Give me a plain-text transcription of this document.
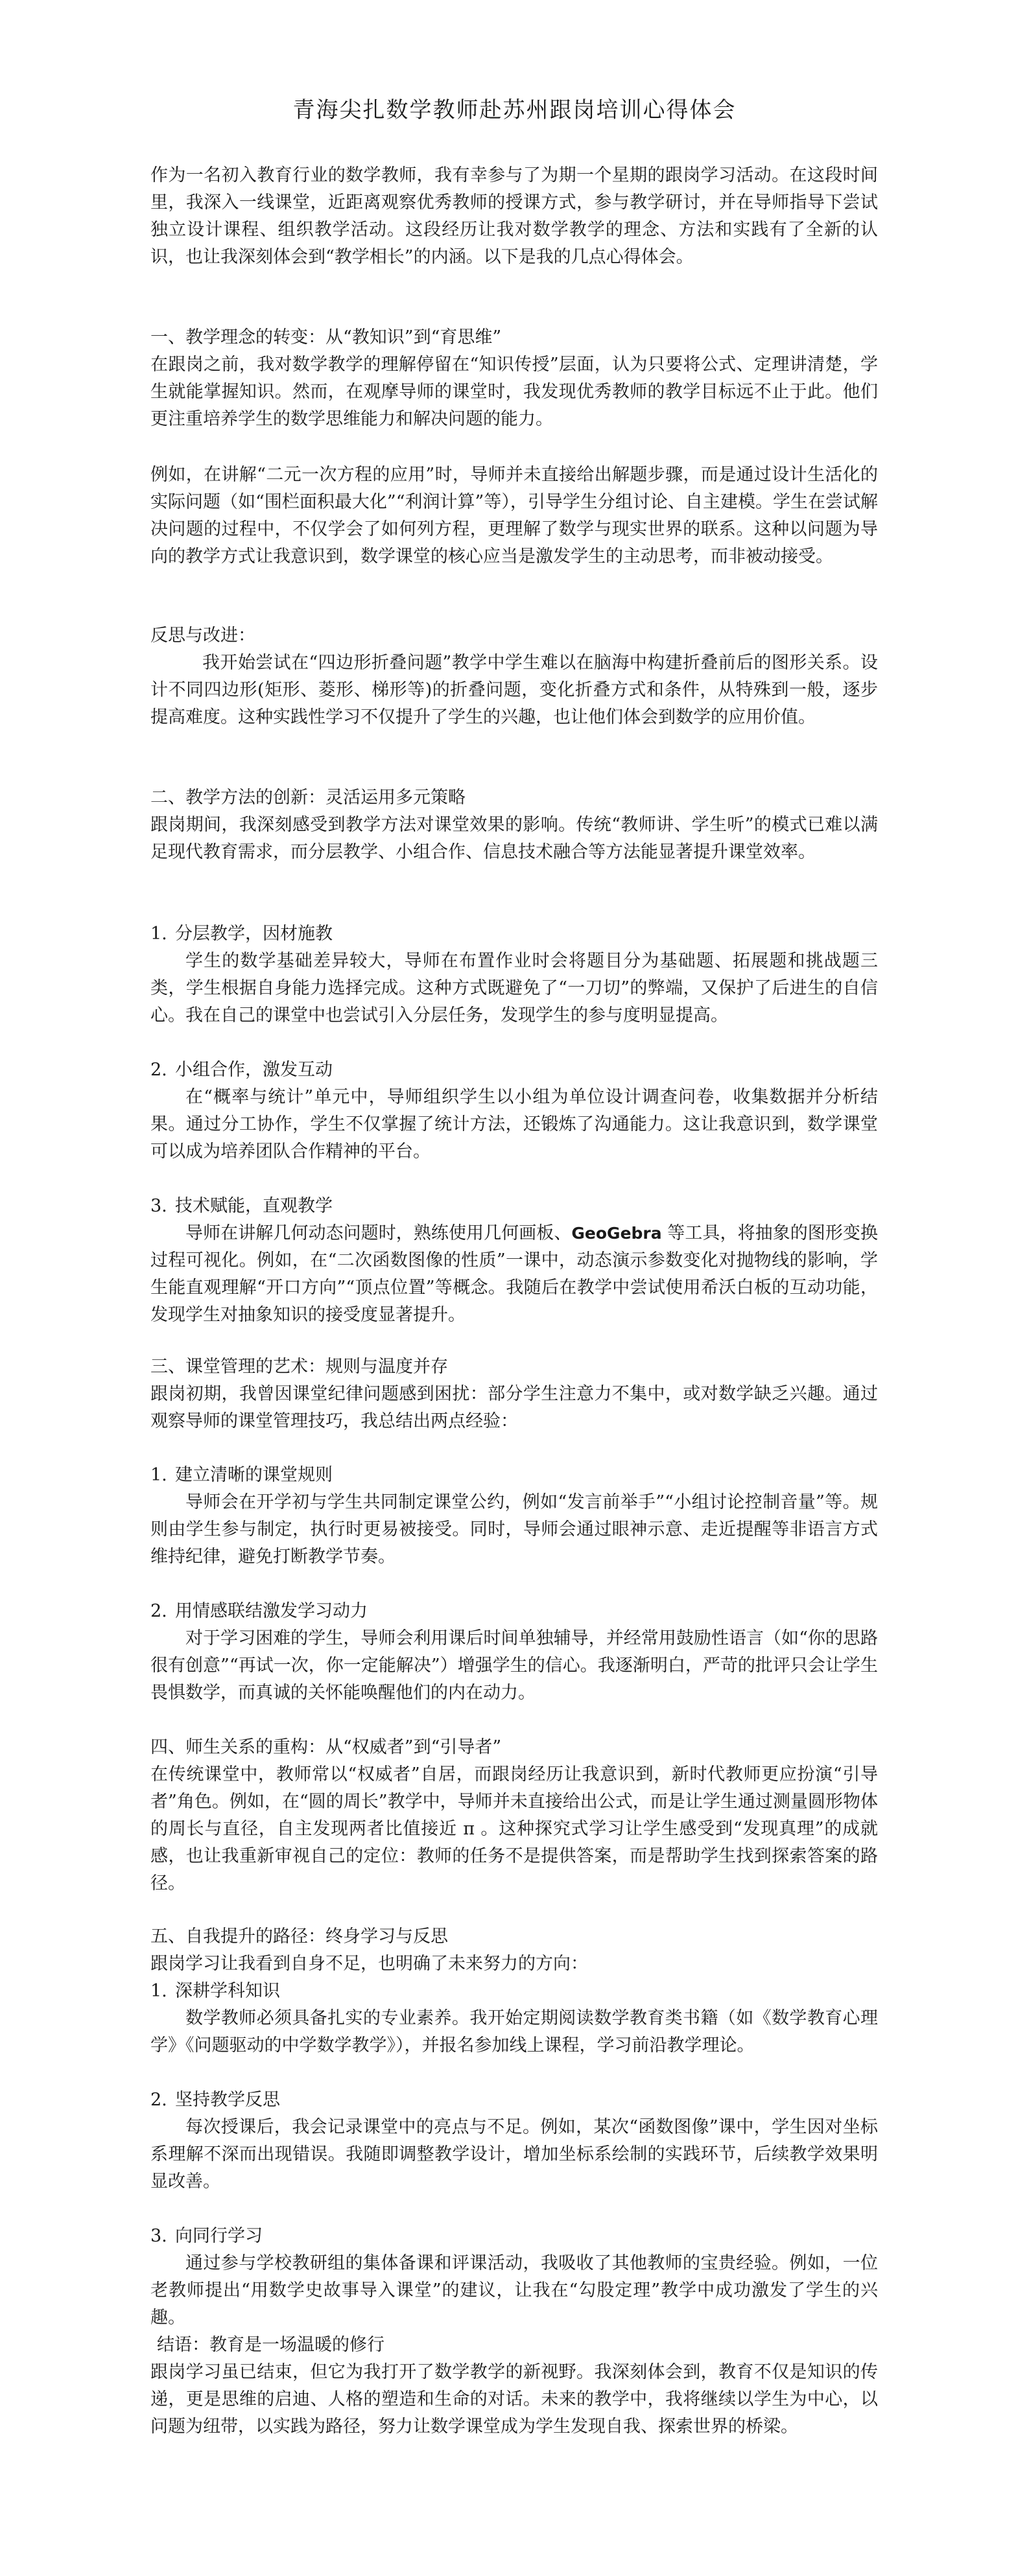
青海尖扎数学教师赴苏州跟岗培训心得体会

作为一名初入教育行业的数学教师，我有幸参与了为期一个星期的跟岗学习活动。在这段时间里，我深入一线课堂，近距离观察优秀教师的授课方式，参与教学研讨，并在导师指导下尝试独立设计课程、组织教学活动。这段经历让我对数学教学的理念、方法和实践有了全新的认识，也让我深刻体会到“教学相长”的内涵。以下是我的几点心得体会。

一、教学理念的转变：从“教知识”到“育思维”

在跟岗之前，我对数学教学的理解停留在“知识传授”层面，认为只要将公式、定理讲清楚，学生就能掌握知识。然而，在观摩导师的课堂时，我发现优秀教师的教学目标远不止于此。他们更注重培养学生的数学思维能力和解决问题的能力。

例如，在讲解“二元一次方程的应用”时，导师并未直接给出解题步骤，而是通过设计生活化的实际问题（如“围栏面积最大化”“利润计算”等），引导学生分组讨论、自主建模。学生在尝试解决问题的过程中，不仅学会了如何列方程，更理解了数学与现实世界的联系。这种以问题为导向的教学方式让我意识到，数学课堂的核心应当是激发学生的主动思考，而非被动接受。

反思与改进：

我开始尝试在“四边形折叠问题”教学中学生难以在脑海中构建折叠前后的图形关系。设计不同四边形(矩形、菱形、梯形等)的折叠问题，变化折叠方式和条件，从特殊到一般，逐步提高难度。这种实践性学习不仅提升了学生的兴趣，也让他们体会到数学的应用价值。

二、教学方法的创新：灵活运用多元策略

跟岗期间，我深刻感受到教学方法对课堂效果的影响。传统“教师讲、学生听”的模式已难以满足现代教育需求，而分层教学、小组合作、信息技术融合等方法能显著提升课堂效率。

1. 分层教学，因材施教

学生的数学基础差异较大，导师在布置作业时会将题目分为基础题、拓展题和挑战题三类，学生根据自身能力选择完成。这种方式既避免了“一刀切”的弊端，又保护了后进生的自信心。我在自己的课堂中也尝试引入分层任务，发现学生的参与度明显提高。

2. 小组合作，激发互动

在“概率与统计”单元中，导师组织学生以小组为单位设计调查问卷，收集数据并分析结果。通过分工协作，学生不仅掌握了统计方法，还锻炼了沟通能力。这让我意识到，数学课堂可以成为培养团队合作精神的平台。

3. 技术赋能，直观教学

导师在讲解几何动态问题时，熟练使用几何画板、GeoGebra 等工具，将抽象的图形变换过程可视化。例如，在“二次函数图像的性质”一课中，动态演示参数变化对抛物线的影响，学生能直观理解“开口方向”“顶点位置”等概念。我随后在教学中尝试使用希沃白板的互动功能，发现学生对抽象知识的接受度显著提升。

三、课堂管理的艺术：规则与温度并存

跟岗初期，我曾因课堂纪律问题感到困扰：部分学生注意力不集中，或对数学缺乏兴趣。通过观察导师的课堂管理技巧，我总结出两点经验：

1. 建立清晰的课堂规则

导师会在开学初与学生共同制定课堂公约，例如“发言前举手”“小组讨论控制音量”等。规则由学生参与制定，执行时更易被接受。同时，导师会通过眼神示意、走近提醒等非语言方式维持纪律，避免打断教学节奏。

2. 用情感联结激发学习动力

对于学习困难的学生，导师会利用课后时间单独辅导，并经常用鼓励性语言（如“你的思路很有创意”“再试一次，你一定能解决”）增强学生的信心。我逐渐明白，严苛的批评只会让学生畏惧数学，而真诚的关怀能唤醒他们的内在动力。

四、师生关系的重构：从“权威者”到“引导者”

在传统课堂中，教师常以“权威者”自居，而跟岗经历让我意识到，新时代教师更应扮演“引导者”角色。例如，在“圆的周长”教学中，导师并未直接给出公式，而是让学生通过测量圆形物体的周长与直径，自主发现两者比值接近 π 。这种探究式学习让学生感受到“发现真理”的成就感，也让我重新审视自己的定位：教师的任务不是提供答案，而是帮助学生找到探索答案的路径。

五、自我提升的路径：终身学习与反思

跟岗学习让我看到自身不足，也明确了未来努力的方向：

1. 深耕学科知识

数学教师必须具备扎实的专业素养。我开始定期阅读数学教育类书籍（如《数学教育心理学》《问题驱动的中学数学教学》），并报名参加线上课程，学习前沿教学理论。

2. 坚持教学反思

每次授课后，我会记录课堂中的亮点与不足。例如，某次“函数图像”课中，学生因对坐标系理解不深而出现错误。我随即调整教学设计，增加坐标系绘制的实践环节，后续教学效果明显改善。

3. 向同行学习

通过参与学校教研组的集体备课和评课活动，我吸收了其他教师的宝贵经验。例如，一位老教师提出“用数学史故事导入课堂”的建议，让我在“勾股定理”教学中成功激发了学生的兴趣。

结语：教育是一场温暖的修行

跟岗学习虽已结束，但它为我打开了数学教学的新视野。我深刻体会到，教育不仅是知识的传递，更是思维的启迪、人格的塑造和生命的对话。未来的教学中，我将继续以学生为中心，以问题为纽带，以实践为路径，努力让数学课堂成为学生发现自我、探索世界的桥梁。
